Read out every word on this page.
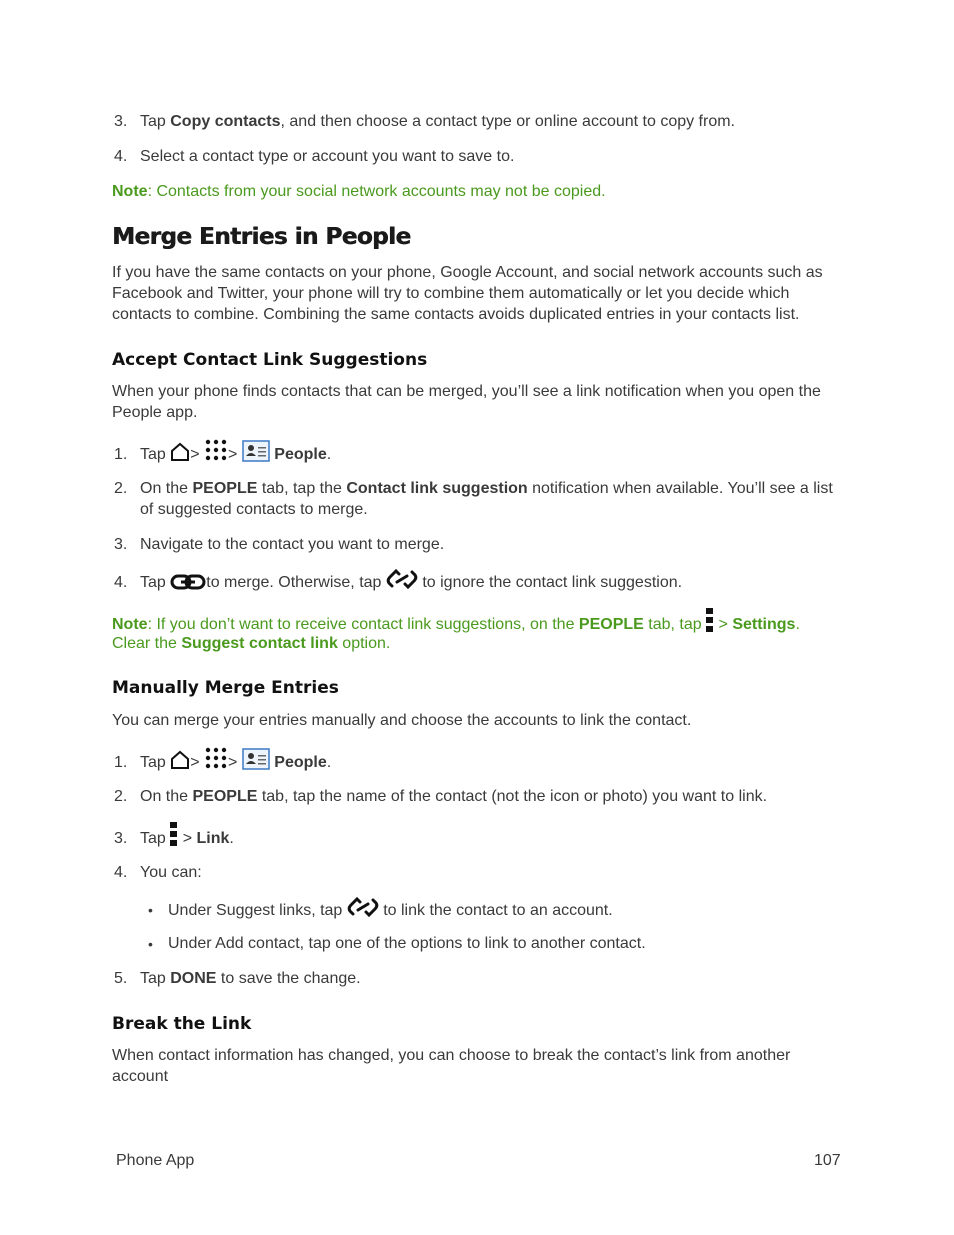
3. Tap Copy contacts, and then choose a contact type or online account to copy from.
4. Select a contact type or account you want to save to.
Note: Contacts from your social network accounts may not be copied.
Merge Entries in People

If you have the same contacts on your phone, Google Account, and social network accounts such as Facebook and Twitter, your phone will try to combine them automatically or let you decide which contacts to combine. Combining the same contacts avoids duplicated entries in your contacts list.

Accept Contact Link Suggestions

When your phone finds contacts that can be merged, you’ll see a link notification when you open the People app.

1. Tap > > People.
2. On the PEOPLE tab, tap the Contact link suggestion notification when available. You’ll see a list of suggested contacts to merge.
3. Navigate to the contact you want to merge.
4. Tap to merge. Otherwise, tap  to ignore the contact link suggestion.
Note: If you don’t want to receive contact link suggestions, on the PEOPLE tab, tap  > Settings.
Clear the Suggest contact link option.
Manually Merge Entries

You can merge your entries manually and choose the accounts to link the contact.

1. Tap > > People.
2. On the PEOPLE tab, tap the name of the contact (not the icon or photo) you want to link.
3. Tap  > Link.
4. You can:
• Under Suggest links, tap  to link the contact to an account.
• Under Add contact, tap one of the options to link to another contact.
5. Tap DONE to save the change.
Break the Link

When contact information has changed, you can choose to break the contact’s link from another account

Phone App	107
